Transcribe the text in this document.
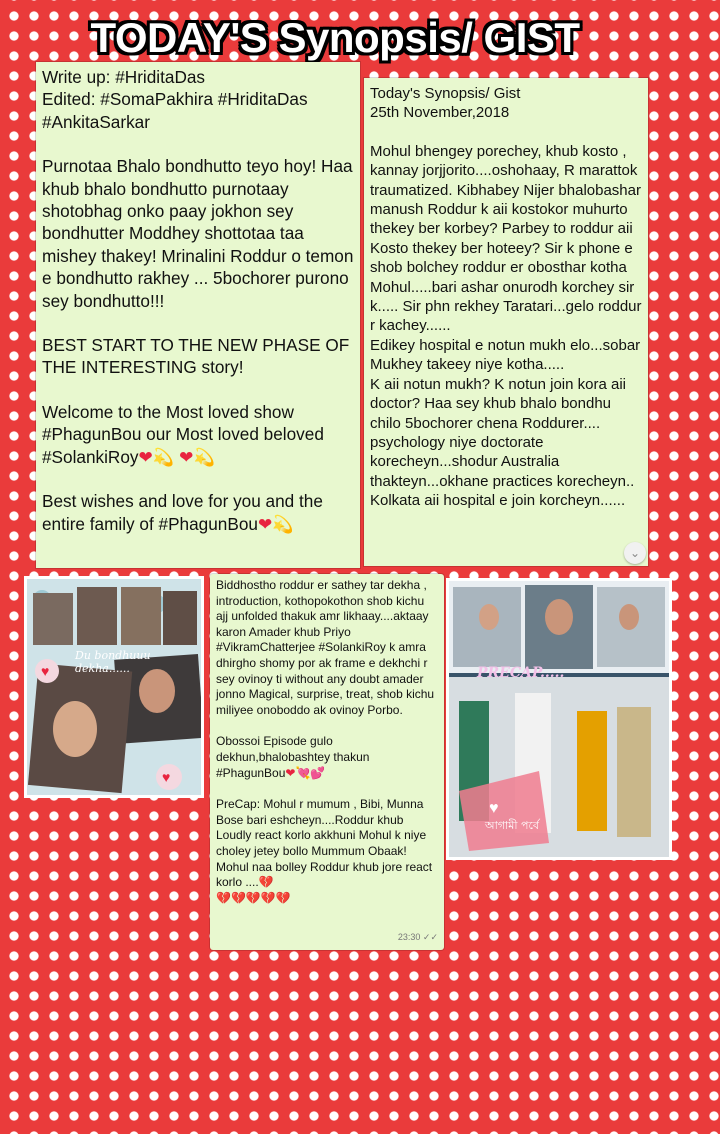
TODAY'S Synopsis/ GIST

Write up: #HriditaDas
Edited: #SomaPakhira #HriditaDas
#AnkitaSarkar

Purnotaa Bhalo bondhutto teyo hoy! Haa khub bhalo bondhutto purnotaay shotobhag onko paay jokhon sey bondhutter Moddhey shottotaa taa mishey thakey! Mrinalini Roddur o temon e bondhutto rakhey ... 5bochorer purono sey bondhutto!!!

BEST START TO THE NEW PHASE OF THE INTERESTING story!

Welcome to the Most loved show #PhagunBou our Most loved beloved #SolankiRoy❤💫 ❤💫

Best wishes and love for you and the entire family of #PhagunBou❤💫

Today's Synopsis/ Gist
25th November,2018
Mohul bhengey porechey, khub kosto , kannay jorjjorito....oshohaay, R marattok traumatized. Kibhabey Nijer bhalobashar manush Roddur k aii kostokor muhurto thekey ber korbey? Parbey to roddur aii Kosto thekey ber hoteey? Sir k phone e shob bolchey roddur er obosthar kotha
Mohul.....bari ashar onurodh korchey sir k..... Sir phn rekhey Taratari...gelo roddur r kachey......
Edikey hospital e notun mukh elo...sobar Mukhey takeey niye kotha.....
K aii notun mukh? K notun join kora aii doctor? Haa sey khub bhalo bondhu chilo 5bochorer chena Roddurer.... psychology niye doctorate korecheyn...shodur Australia thakteyn...okhane practices korecheyn.. Kolkata aii hospital e join korcheyn......
⌄
♥
♥
Du bondhuuu dekha......

Biddhostho roddur er sathey tar dekha , introduction, kothopokothon shob kichu ajj unfolded thakuk amr likhaay....aktaay karon Amader khub Priyo #VikramChatterjee #SolankiRoy k amra dhirgho shomy por ak frame e dekhchi r sey ovinoy ti without any doubt amader jonno Magical, surprise, treat, shob kichu miliyee onoboddo ak ovinoy Porbo.

Obossoi Episode gulo dekhun,bhalobashtey thakun #PhagunBou❤💘💕

PreCap: Mohul r mumum , Bibi, Munna Bose bari eshcheyn....Roddur khub Loudly react korlo akkhuni Mohul k niye choley jetey bollo Mummum Obaak! Mohul naa bolley Roddur khub jore react korlo ....💔
💔💔💔💔💔

23:30 ✓✓
♥
PRECAP.....
আগামী পর্বে
